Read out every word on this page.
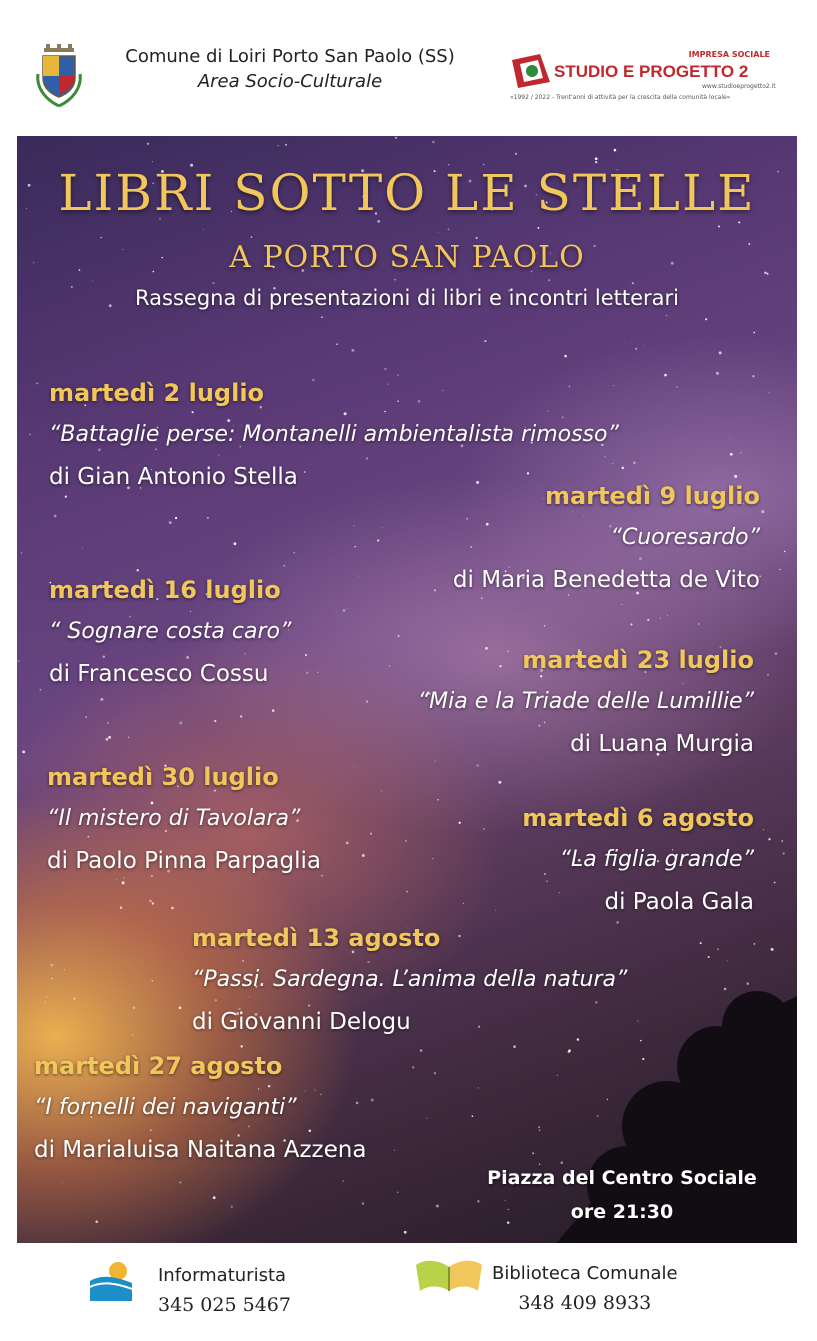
Comune di Loiri Porto San Paolo (SS)
Area Socio-Culturale
IMPRESA SOCIALE
STUDIO E PROGETTO 2
www.studioeprogetto2.it
«1992 / 2022 - Trent'anni di attività per la crescita della comunità locale»
LIBRI SOTTO LE STELLE
A PORTO SAN PAOLO
Rassegna di presentazioni di libri e incontri letterari
martedì 2 luglio
“Battaglie perse: Montanelli ambientalista rimosso”
di Gian Antonio Stella
martedì 9 luglio
“Cuoresardo”
di Maria Benedetta de Vito
martedì 16 luglio
“ Sognare costa caro”
di Francesco Cossu	martedì 23 luglio
“Mia e la Triade delle Lumillie”
di Luana Murgia
martedì 30 luglio
“Il mistero di Tavolara”
di Paolo Pinna Parpaglia
martedì 6 agosto
“La figlia grande”
di Paola Gala
martedì 13 agosto
“Passi. Sardegna. L’anima della natura”
di Giovanni Delogu
martedì 27 agosto
“I fornelli dei naviganti”
di Marialuisa Naitana Azzena
Piazza del Centro Sociale
ore 21:30
Informaturista
345 025 5467
Biblioteca Comunale
348 409 8933
